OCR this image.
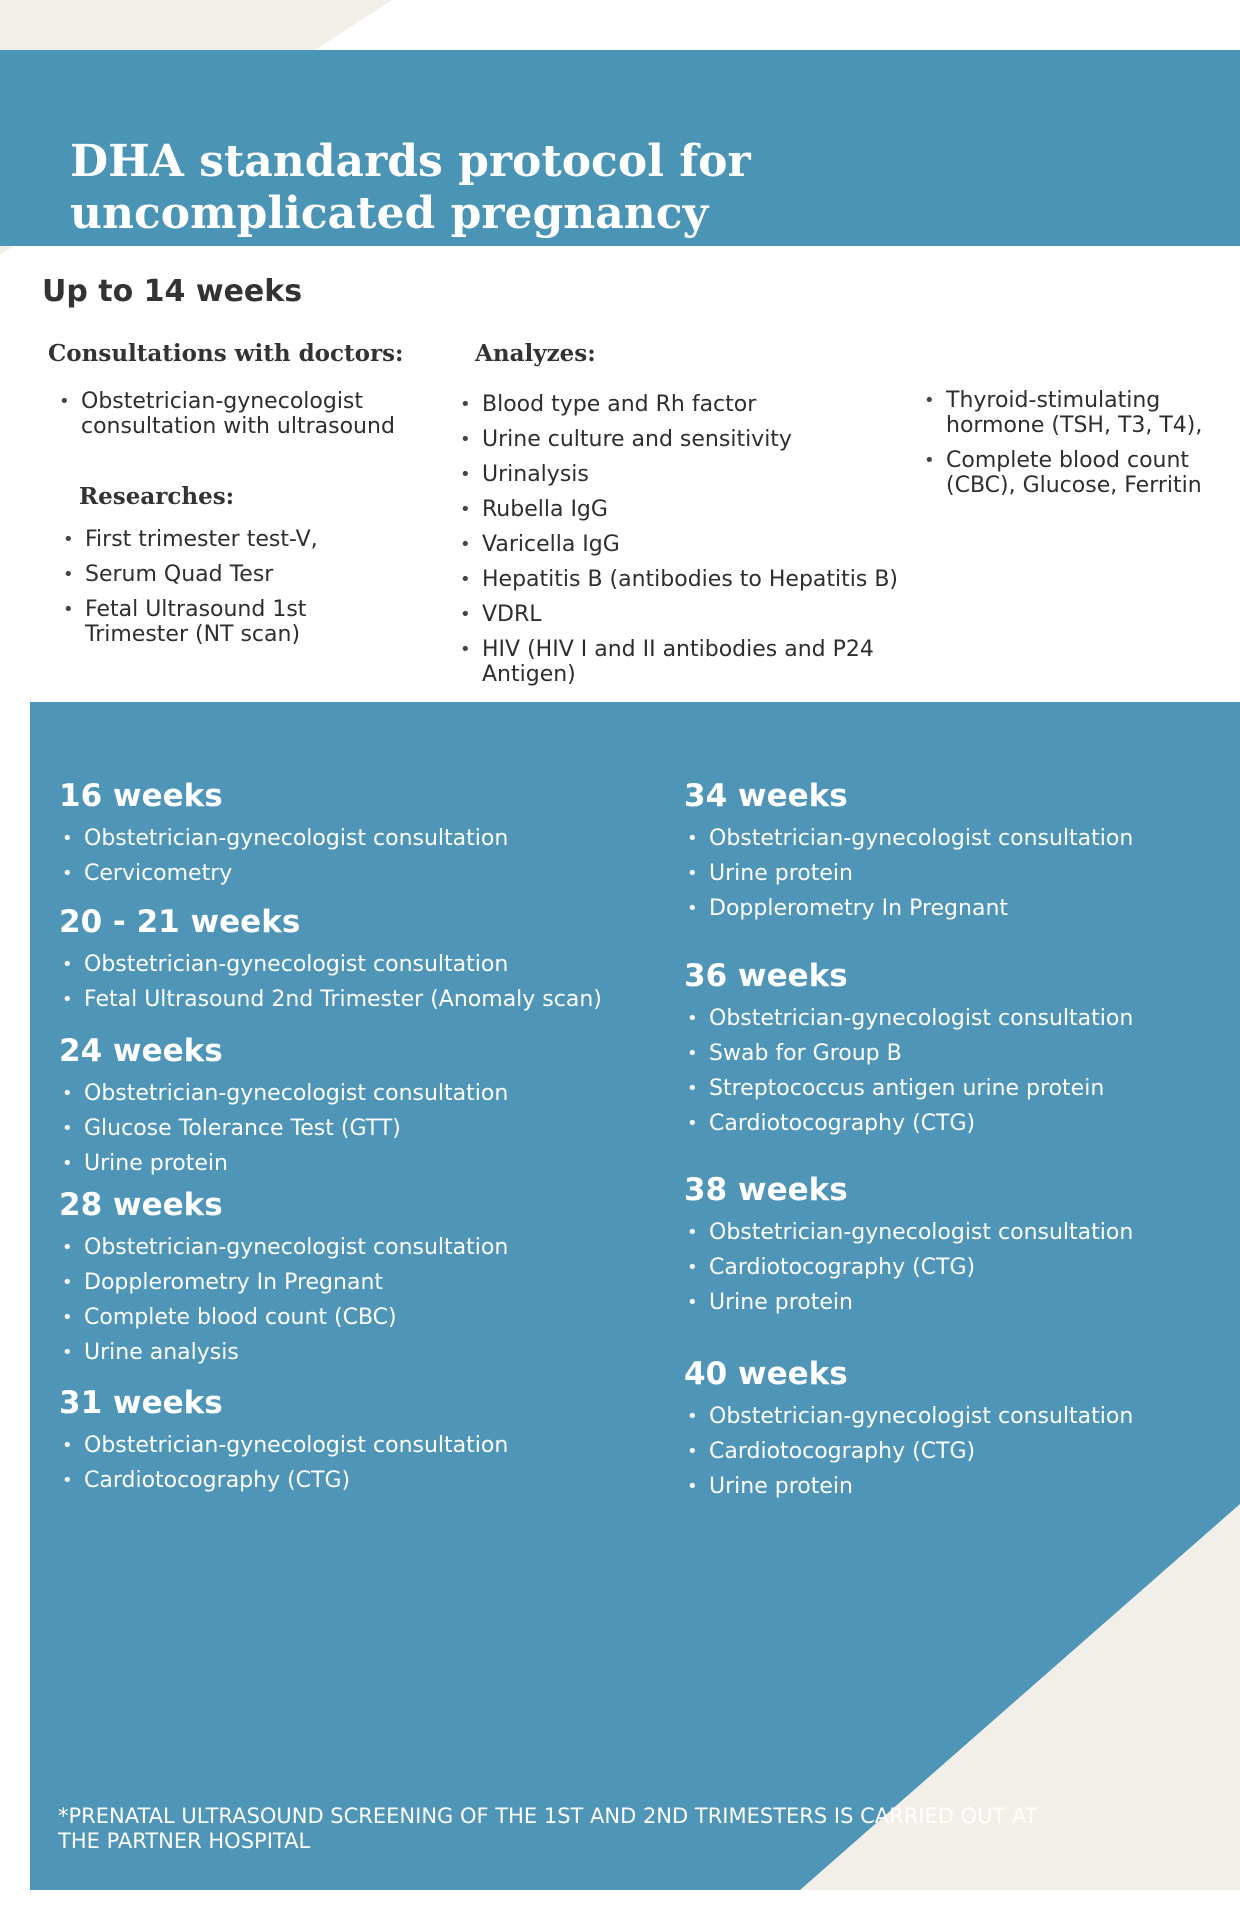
DHA standards protocol for uncomplicated pregnancy
Up to 14 weeks
Consultations with doctors:
• Obstetrician-gynecologist consultation with ultrasound
Researches:
• First trimester test-V,
• Serum Quad Tesr
• Fetal Ultrasound 1st Trimester (NT scan)
Analyzes:
• Blood type and Rh factor
• Urine culture and sensitivity
• Urinalysis
• Rubella IgG
• Varicella IgG
• Hepatitis B (antibodies to Hepatitis B)
• VDRL
• HIV (HIV I and II antibodies and P24 Antigen)
• Thyroid-stimulating hormone (TSH, T3, T4),
• Complete blood count (CBC), Glucose, Ferritin
16 weeks
• Obstetrician-gynecologist consultation
• Cervicometry
20 - 21 weeks
• Obstetrician-gynecologist consultation
• Fetal Ultrasound 2nd Trimester (Anomaly scan)
24 weeks
• Obstetrician-gynecologist consultation
• Glucose Tolerance Test (GTT)
• Urine protein
28 weeks
• Obstetrician-gynecologist consultation
• Dopplerometry In Pregnant
• Complete blood count (CBC)
• Urine analysis
31 weeks
• Obstetrician-gynecologist consultation
• Cardiotocography (CTG)
34 weeks
• Obstetrician-gynecologist consultation
• Urine protein
• Dopplerometry In Pregnant
36 weeks
• Obstetrician-gynecologist consultation
• Swab for Group B
• Streptococcus antigen urine protein
• Cardiotocography (CTG)
38 weeks
• Obstetrician-gynecologist consultation
• Cardiotocography (CTG)
• Urine protein
40 weeks
• Obstetrician-gynecologist consultation
• Cardiotocography (CTG)
• Urine protein

*PRENATAL ULTRASOUND SCREENING OF THE 1ST AND 2ND TRIMESTERS IS CARRIED OUT AT THE PARTNER HOSPITAL
